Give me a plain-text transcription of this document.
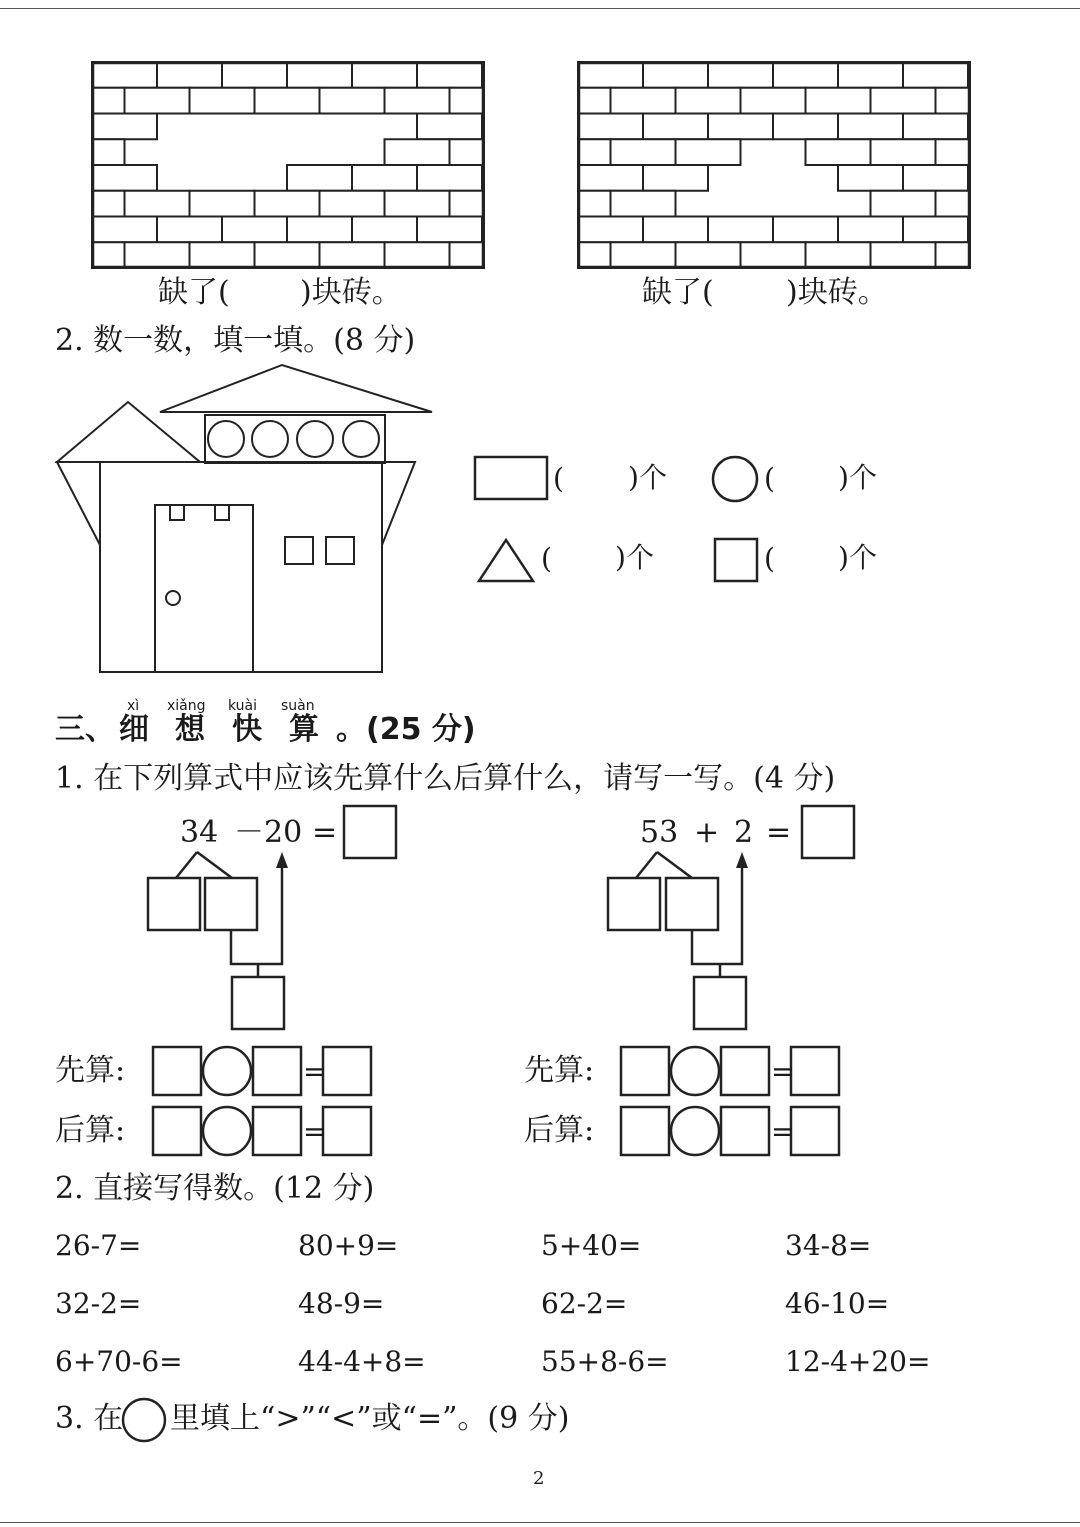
缺了( )块砖。	缺了( )块砖。
2. 数一数，填一填。(8 分)
( )个	( )个
( )个	( )个
xì xiǎng kuài suàn
三、 细 想 快 算 。(25 分)
1. 在下列算式中应该先算什么后算什么，请写一写。(4 分)
34 － 20 =	53 + 2 =
先算:
后算:
先算:
后算:
=
=
=
=
2. 直接写得数。(12 分)
26-7=	80+9=	5+40=	34-8=
32-2=	48-9=	62-2=	46-10=
6+70-6=	44-4+8=	55+8-6=	12-4+20=
3. 在 里填上“>”“<”或“=”。(9 分)
2
